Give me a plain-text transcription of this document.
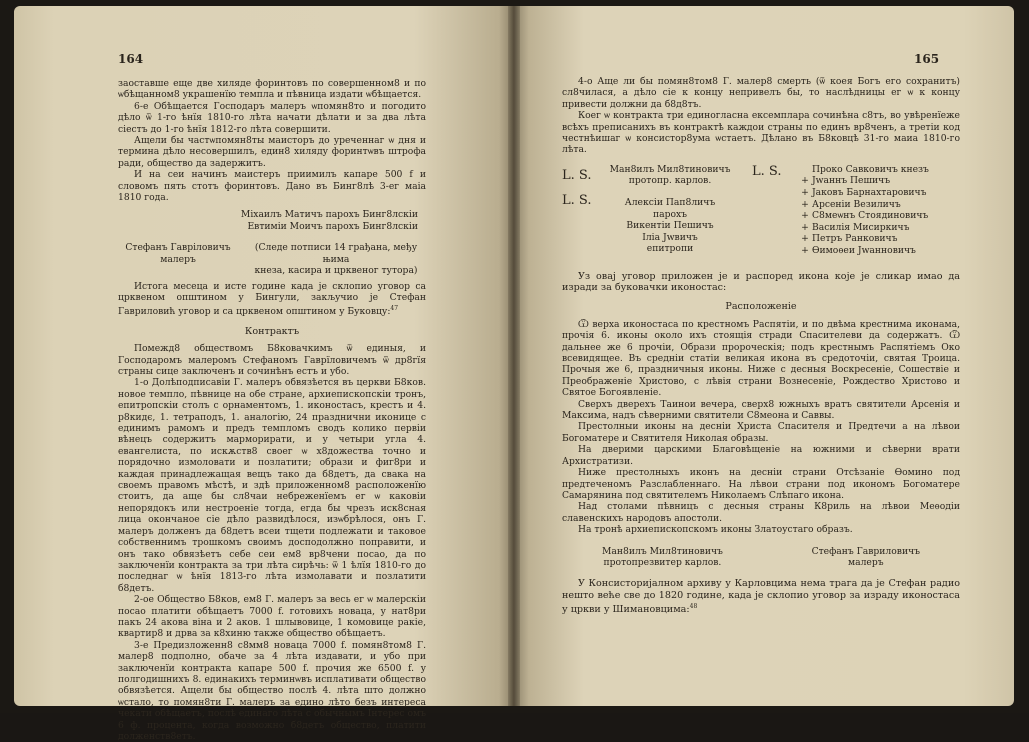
164

заоставше еще две хиляде форинтовъ по совершенном8 и по ѡбѣщанном8 украшенїю темпла и пѣвница издати ѡбѣщается.

6-е Обѣщается Господаръ малеръ ѡпомян8то и погодито дѣло ѿ 1-го ѣнїя 1810-го лѣта начати дѣлати и за два лѣта сіестъ до 1-го ѣнїя 1812-го лѣта совершити.

Ащели бы частѡпомян8ты маисторъ до уреченнаг ѡ дня и термина дѣло несовершилъ, един8 хиляду форинтѡвъ штрофа ради, общество да задержитъ.

И на сеи начинъ маистеръ приимилъ капаре 500 f и словомъ пять стотъ форинтовъ. Дано въ Бинг8лѣ 3-ег маiа 1810 года.

Міхаилъ Матичъ парохъ Бинг8лскіи
Евтиміи Моичъ парохъ Бинг8лскіи
Стефанъ Гавріловичъ
малеръ
(Следе потписи 14 грађана, међу њима
кнеза, касира и црквеног тутора)

Истога месеца и исте године када је склопио уговор са црквеном општином у Бингули, закључио је Стефан Гавриловић уговор и са црквеном општином у Буковцу:$^{47}$

Контрактъ

Помежд8 обществомъ Б8ковачкимъ ѿ единыя, и Господаромъ малеромъ Стефаномъ Гаврїловичемъ ѿ др8гїя страны сице заключенъ и сочинѣнъ естъ и убо.

1-о Долѣподписавіи Г. малеръ обвязѣется въ церкви Б8ков. новое темпло, пѣвнице на обе стране, архиепископскіи тронъ, епитропскіи столъ с орнаментомъ, 1. иконостасъ, крестъ и 4. р8кидє, 1. тетраподъ, 1. аналогію, 24 празднични иконице с единимъ рамомъ и предъ темпломъ сводъ колико первіи вѣнецъ содержитъ марморирати, и у четыри угла 4. евангелиста, по искѫств8 своег ѡ х8дожества точно и порядочно измоловати и позлатити; образи и фиг8ри и каждая принадлежащая вещъ тако да б8детъ, да свака на своемъ правомъ мѣстѣ, и здѣ приложенном8 расположенїю стоитъ, да аще бы сл8чаи небреженїемъ ег ѡ каковіи непорядокъ или нестроеніе тогда, егда бы чрезъ иск8сная лица окончаное сіе дѣло развидѣлося, изѡбрѣлося, онъ Г. малеръ долженъ да б8детъ всеи тщети подлежати и таковое собственнимъ трошкомъ своимъ досподолжно поправити, и онъ тако обвязѣетъ себе сеи ем8 вр8чени посао, да по заключенїи контракта за три лѣта сирѣчь: ѿ 1 ѣлїя 1810-го до последнаг ѡ ѣнїя 1813-го лѣта измолавати и позлатити б8детъ.

2-ое Общество Б8ков, ем8 Г. малеръ за весь ег ѡ малерскіи посао платити обѣщаетъ 7000 f. готовихъ новаца, у нат8ри пакъ 24 акова віна и 2 аков. 1 шлывовице, 1 комовице ракіе, квартир8 и дрва за к8хиню также общество обѣщаетъ.

3-е Предизложенн8 с8мм8 новаца 7000 f. помян8том8 Г. малер8 подполно, обаче за 4 лѣта издавати, и убо при заключенїи контракта капаре 500 f. прочия же 6500 f. у полгодишнихъ 8. единакихъ терминѡвъ исплативати общество обвязѣется. Ащели бы общество послѣ 4. лѣта што должно ѡстало, то помян8ти Г. малеръ за едино лѣто безъ интереса чекати обѣщаетъ, послѣ единаго лѣта с обычнымъ Інтерес омъ 6 ф. процента, когда возможно б8детъ общество, платити долженств8етъ.

165

4-о Аще ли бы помян8том8 Г. малер8 смерть (ѿ коея Богъ его сохранитъ) сл8чилася, а дѣло сіе к концу непривелъ бы, то наслѣдницы ег ѡ к концу привести должни да б8д8тъ.

Коег ѡ контракта три единогласна ексемплара сочинѣна с8тъ, во увѣренїеже всѣхъ преписанихъ въ контрактѣ каждои страны по единъ вр8ченъ, а третіи код честнѣишаг ѡ консистор8ума ѡстаетъ. Дѣлано въ Б8ковцѣ 31-го маиа 1810-го лѣта.

L. S.
L. S.
Ман8илъ Мил8тиновичъ
протопр. карлов.
Алексіи Пап8личъ
парохъ
Викентіи Пешичъ
Ілiа Јwвичъ
епитропи
L. S.	Проко Савковичъ кнезъ
+ Јwаннъ Пешичъ
+ Јаковъ Барнахтаровичъ
+ Арсеніи Везиличъ
+ С8меѡнъ Стоядиновичъ
+ Василія Мисиркичъ
+ Петръ Ранковичъ
+ Ѳимоѳеи Јwанновичъ

Уз овај уговор приложен је и распоред икона које је сликар имао да изради за буковачки иконостас:

Расположеніе

Ѿ верха иконостаса по крестномъ Распятіи, и по двѣма крестнима иконама, прочія 6. иконы около ихъ стоящія стради Спасителеви да содержатъ. Ѿ дальнее же 6 прочіи, Образи пророческія; подъ крестнымъ Распятіемъ Око всевидящее. Въ средніи статіи великая икона въ средоточіи, святая Троица. Прочыя же 6, праздничныя иконы. Ниже с десныя Воскресеніе, Сошествіе и Преображеніе Христово, с лѣвія страни Вознесеніе, Рождество Христово и Святое Богоявленіе.

Сверхъ дверехъ Таинои вечера, сверх8 южныхъ вратъ святители Арсенія и Максима, надъ сѣверними святители С8меона и Саввы.

Престолныи иконы на десніи Христа Спасителя и Предтечи а на лѣвои Богоматере и Святителя Николая образы.

На дверими царскими Благовѣщеніе на южними и сѣверни врати Архистратизи.

Ниже престолныхъ иконъ на десніи страни Отсѣзаніе Ѳомино под предтеченомъ Разслабленнаго. На лѣвои страни под икономъ Богоматере Самарянина под святителемъ Николаемъ Слѣпаго икона.

Над столами пѣвницъ с десныя страны К8риль на лѣвои Меѳодіи славенскихъ народовъ апостоли.

На тронѣ архиепископскомъ иконы Златоустаго образъ.

Ман8илъ Мил8тиновичъ
протопрезвитер карлов.
Стефанъ Гавриловичъ
малеръ

У Консисторијалном архиву у Карловцима нема трага да је Стефан радио нешто веће све до 1820 године, када је склопио уговор за израду иконостаса у цркви у Шимановцима:$^{48}$
